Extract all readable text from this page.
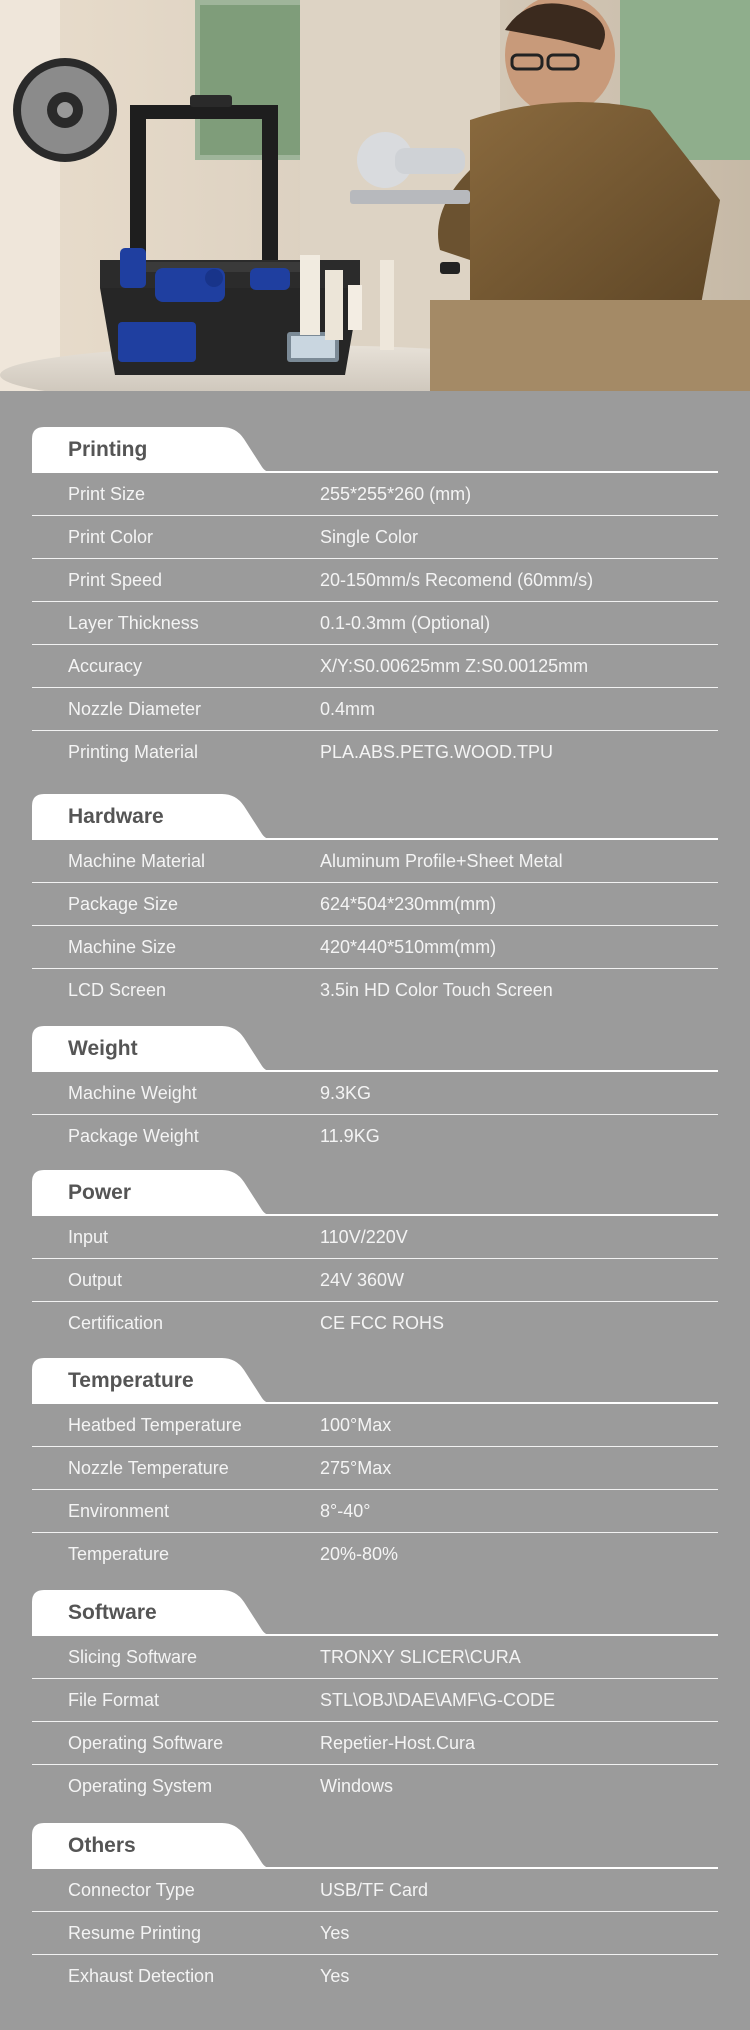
Printing
Print Size	255*255*260 (mm)
Print Color	Single Color
Print Speed	20-150mm/s Recomend (60mm/s)
Layer Thickness	0.1-0.3mm (Optional)
Accuracy	X/Y:S0.00625mm Z:S0.00125mm
Nozzle Diameter	0.4mm
Printing Material	PLA.ABS.PETG.WOOD.TPU
Hardware
Machine Material	Aluminum Profile+Sheet Metal
Package Size	624*504*230mm(mm)
Machine Size	420*440*510mm(mm)
LCD Screen	3.5in HD Color Touch Screen
Weight
Machine Weight	9.3KG
Package Weight	11.9KG
Power
Input	110V/220V
Output	24V 360W
Certification	CE FCC ROHS
Temperature
Heatbed Temperature	100°Max
Nozzle Temperature	275°Max
Environment	8°-40°
Temperature	20%-80%
Software
Slicing Software	TRONXY SLICER\CURA
File Format	STL\OBJ\DAE\AMF\G-CODE
Operating Software	Repetier-Host.Cura
Operating System	Windows
Others
Connector Type	USB/TF Card
Resume Printing	Yes
Exhaust Detection	Yes
